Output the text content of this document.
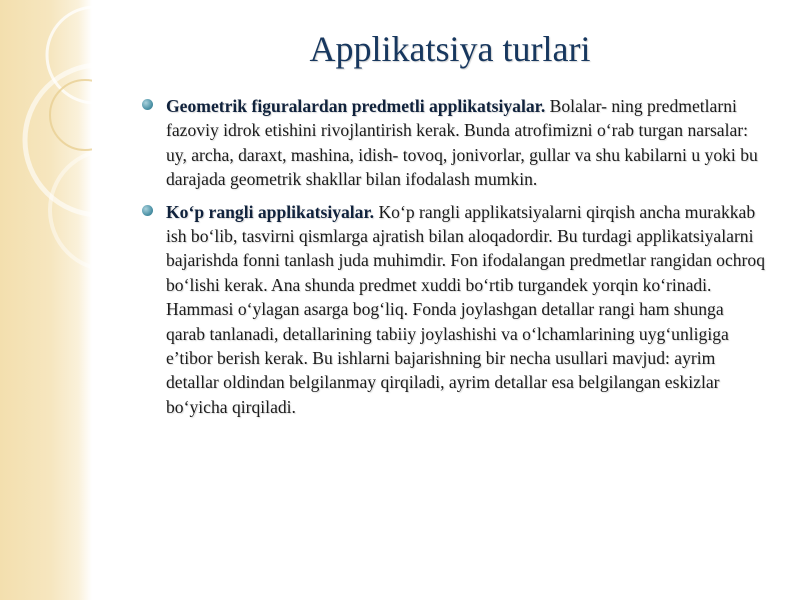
Applikatsiya turlari
Geometrik figuralardan predmetli applikatsiyalar. Bolalar- ning predmetlarni fazoviy idrok etishini rivojlantirish kerak. Bunda atrofimizni o‘rab turgan narsalar: uy, archa, daraxt, mashina, idish- tovoq, jonivorlar, gullar va shu kabilarni u yoki bu darajada geometrik shakllar bilan ifodalash mumkin.
Ko‘p rangli applikatsiyalar. Ko‘p rangli applikatsiyalarni qirqish ancha murakkab ish bo‘lib, tasvirni qismlarga ajratish bilan aloqadordir. Bu turdagi applikatsiyalarni bajarishda fonni tanlash juda muhimdir. Fon ifodalangan predmetlar rangidan ochroq bo‘lishi kerak. Ana shunda predmet xuddi bo‘rtib turgandek yorqin ko‘rinadi. Hammasi o‘ylagan asarga bog‘liq. Fonda joylashgan detallar rangi ham shunga qarab tanlanadi, detallarining tabiiy joylashishi va o‘lchamlarining uyg‘unligiga e’tibor berish kerak. Bu ishlarni bajarishning bir necha usullari mavjud: ayrim detallar oldindan belgilanmay qirqiladi, ayrim detallar esa belgilangan eskizlar bo‘yicha qirqiladi.
